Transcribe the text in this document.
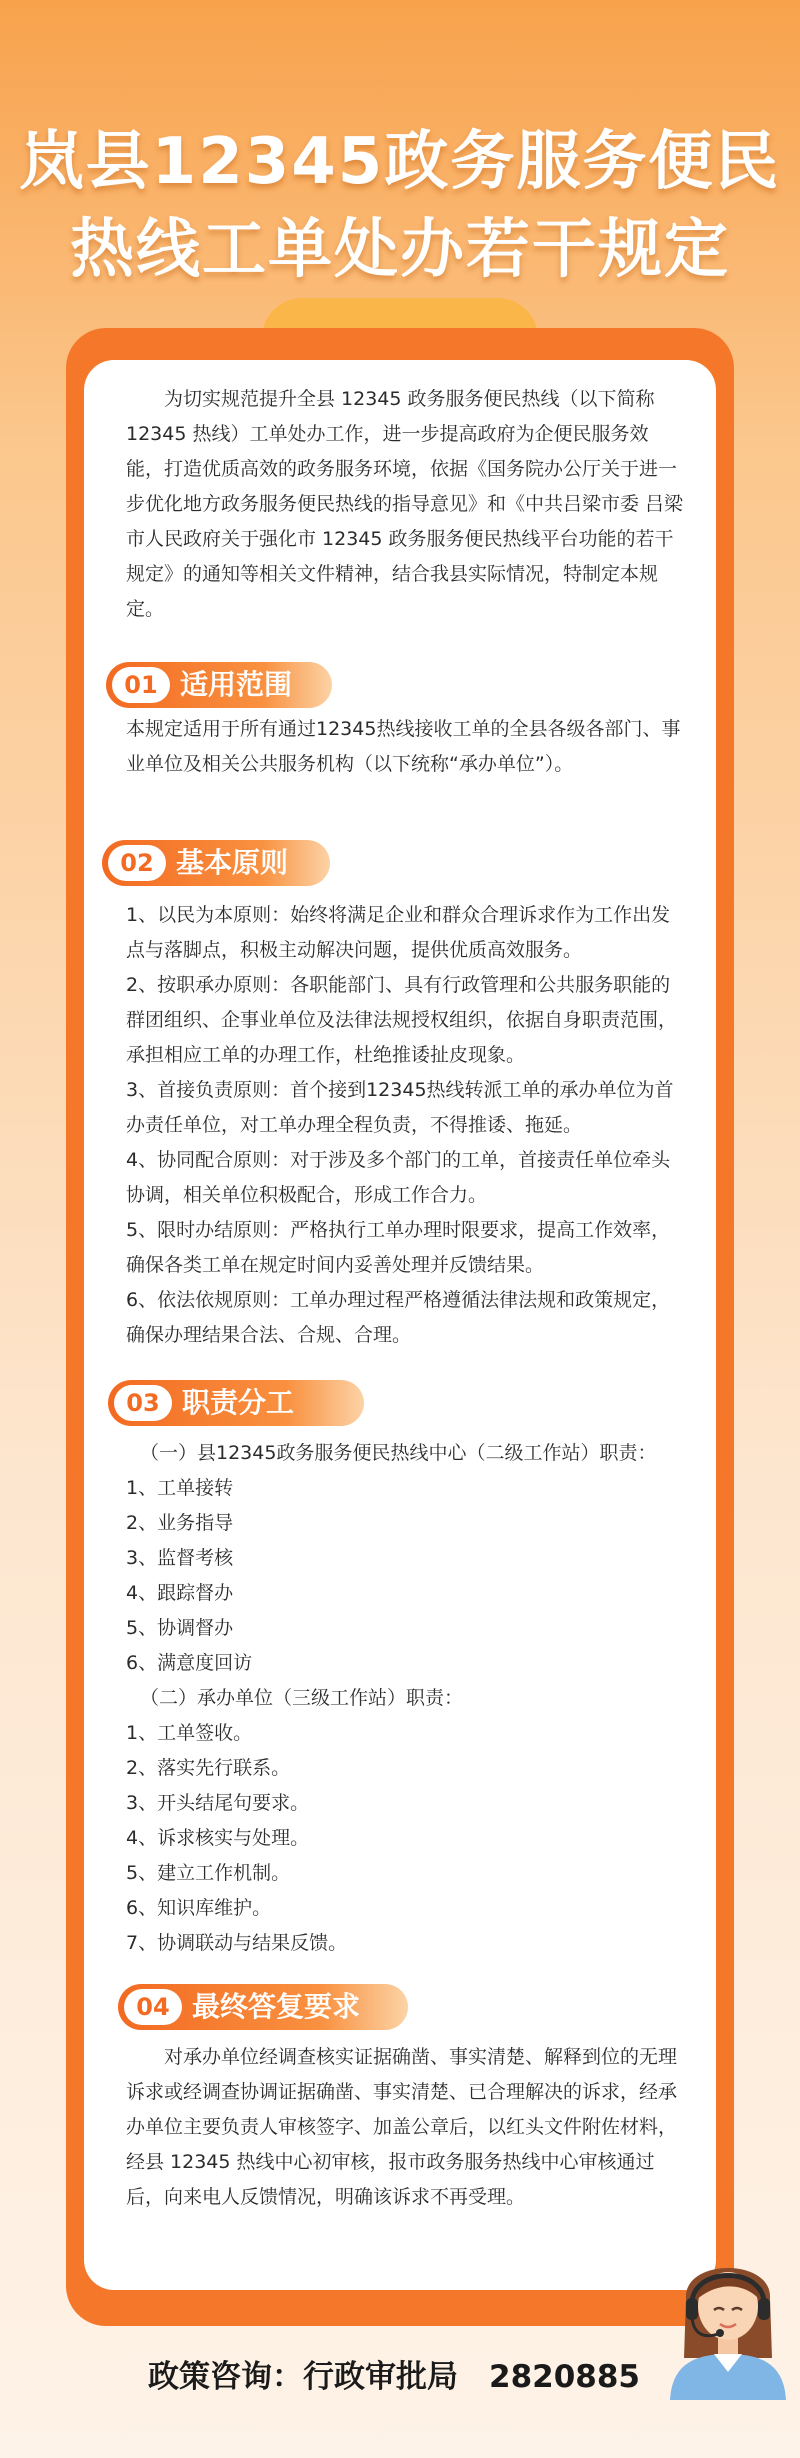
岚县12345政务服务便民
热线工单处办若干规定
为切实规范提升全县 12345 政务服务便民热线（以下简称 12345 热线）工单处办工作，进一步提高政府为企便民服务效能，打造优质高效的政务服务环境，依据《国务院办公厅关于进一步优化地方政务服务便民热线的指导意见》和《中共吕梁市委 吕梁市人民政府关于强化市 12345 政务服务便民热线平台功能的若干规定》的通知等相关文件精神，结合我县实际情况，特制定本规定。
01 适用范围
本规定适用于所有通过12345热线接收工单的全县各级各部门、事业单位及相关公共服务机构（以下统称“承办单位”）。
02 基本原则
1、以民为本原则：始终将满足企业和群众合理诉求作为工作出发点与落脚点，积极主动解决问题，提供优质高效服务。
2、按职承办原则：各职能部门、具有行政管理和公共服务职能的群团组织、企事业单位及法律法规授权组织，依据自身职责范围，承担相应工单的办理工作，杜绝推诿扯皮现象。
3、首接负责原则：首个接到12345热线转派工单的承办单位为首办责任单位，对工单办理全程负责，不得推诿、拖延。
4、协同配合原则：对于涉及多个部门的工单，首接责任单位牵头协调，相关单位积极配合，形成工作合力。
5、限时办结原则：严格执行工单办理时限要求，提高工作效率，确保各类工单在规定时间内妥善处理并反馈结果。
6、依法依规原则：工单办理过程严格遵循法律法规和政策规定，确保办理结果合法、合规、合理。
03 职责分工
（一）县12345政务服务便民热线中心（二级工作站）职责：
1、工单接转
2、业务指导
3、监督考核
4、跟踪督办
5、协调督办
6、满意度回访
（二）承办单位（三级工作站）职责：
1、工单签收。
2、落实先行联系。
3、开头结尾句要求。
4、诉求核实与处理。
5、建立工作机制。
6、知识库维护。
7、协调联动与结果反馈。
04 最终答复要求
对承办单位经调查核实证据确凿、事实清楚、解释到位的无理诉求或经调查协调证据确凿、事实清楚、已合理解决的诉求，经承办单位主要负责人审核签字、加盖公章后，以红头文件附佐材料，经县 12345 热线中心初审核，报市政务服务热线中心审核通过后，向来电人反馈情况，明确该诉求不再受理。
政策咨询：行政审批局　2820885
